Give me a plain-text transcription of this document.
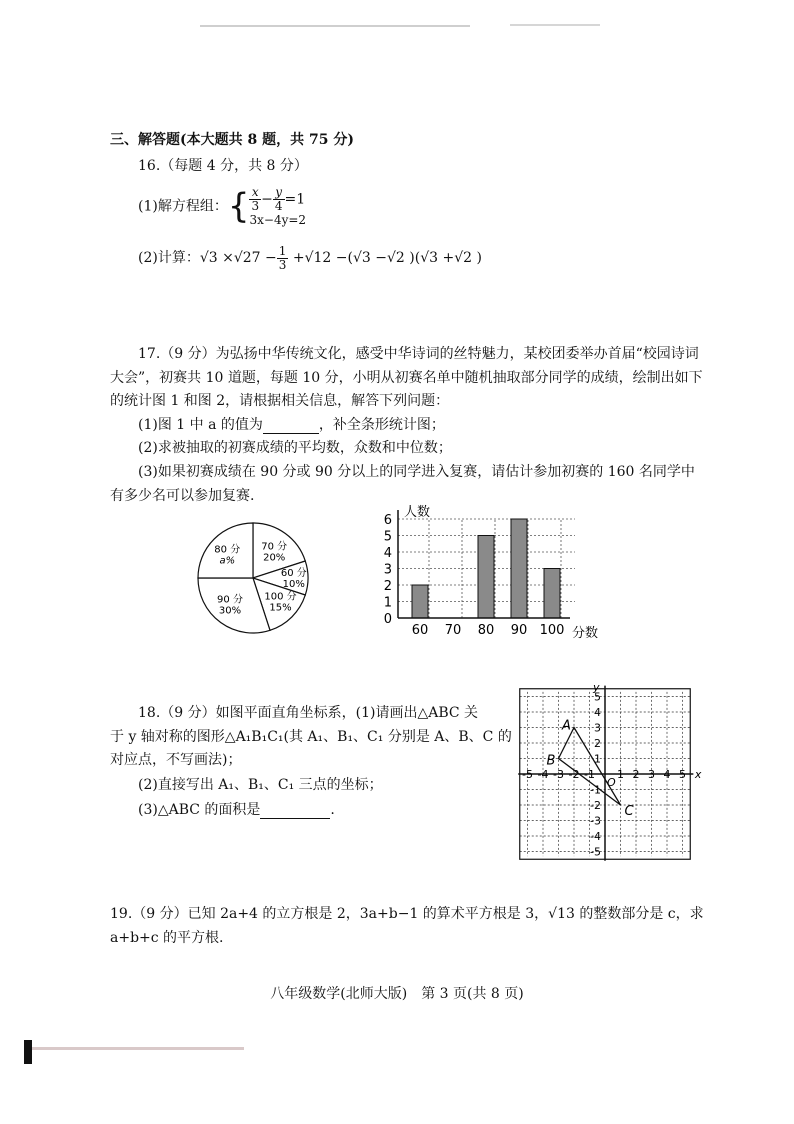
三、解答题(本大题共 8 题，共 75 分)
16.（每题 4 分，共 8 分）
(1)解方程组：{ $\frac{x}{3} - \frac{y}{4} =1$
3x−4y=2
(2)计算：$√3 \times√27 - \frac{1}{3} +√12 -(√3 -√2$ )(√3 +√2 )
17.（9 分）为弘扬中华传统文化，感受中华诗词的丝特魅力，某校团委举办首届“校园诗词
大会”，初赛共 10 道题，每题 10 分，小明从初赛名单中随机抽取部分同学的成绩，绘制出如下
的统计图 1 和图 2，请根据相关信息，解答下列问题：
(1)图 1 中 a 的值为	，补全条形统计图；
(2)求被抽取的初赛成绩的平均数，众数和中位数；
(3)如果初赛成绩在 90 分或 90 分以上的同学进入复赛，请估计参加初赛的 160 名同学中
有多少名可以参加复赛.
70 分
20%
60 分
10%
100 分
15%
90 分
30%
80 分
a%
0
1
2
3
4
5
6
60 70 80 90 100
人数
分数
18.（9 分）如图平面直角坐标系，(1)请画出△ABC 关
于 y 轴对称的图形△A₁B₁C₁(其 A₁、B₁、C₁ 分别是 A、B、C 的
对应点，不写画法)；
(2)直接写出 A₁、B₁、C₁ 三点的坐标；
(3)△ABC 的面积是	.
x
y
O
-5 -4 -3 -2 -1 1 2 3 4 5
5
4
3
2
1
-1
-2
-3
-4
-5
A
B
C
19.（9 分）已知 2a+4 的立方根是 2，3a+b−1 的算术平方根是 3，√13 的整数部分是 c，求
a+b+c 的平方根.
八年级数学(北师大版)　第 3 页(共 8 页)
